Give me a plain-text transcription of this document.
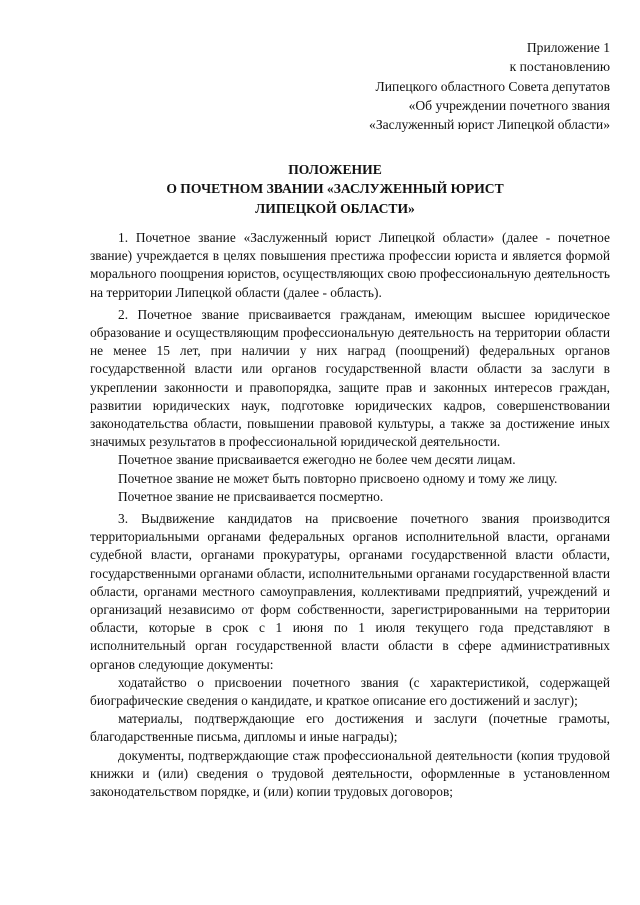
Приложение 1
к постановлению
Липецкого областного Совета депутатов
«Об учреждении почетного звания
«Заслуженный юрист Липецкой области»
ПОЛОЖЕНИЕ
О ПОЧЕТНОМ ЗВАНИИ «ЗАСЛУЖЕННЫЙ ЮРИСТ
ЛИПЕЦКОЙ ОБЛАСТИ»

1. Почетное звание «Заслуженный юрист Липецкой области» (далее - почетное звание) учреждается в целях повышения престижа профессии юриста и является формой морального поощрения юристов, осуществляющих свою профессиональную деятельность на территории Липецкой области (далее - область).

2. Почетное звание присваивается гражданам, имеющим высшее юридическое образование и осуществляющим профессиональную деятельность на территории области не менее 15 лет, при наличии у них наград (поощрений) федеральных органов государственной власти или органов государственной власти области за заслуги в укреплении законности и правопорядка, защите прав и законных интересов граждан, развитии юридических наук, подготовке юридических кадров, совершенствовании законодательства области, повышении правовой культуры, а также за достижение иных значимых результатов в профессиональной юридической деятельности.

Почетное звание присваивается ежегодно не более чем десяти лицам.

Почетное звание не может быть повторно присвоено одному и тому же лицу.

Почетное звание не присваивается посмертно.

3. Выдвижение кандидатов на присвоение почетного звания производится территориальными органами федеральных органов исполнительной власти, органами судебной власти, органами прокуратуры, органами государственной власти области, государственными органами области, исполнительными органами государственной власти области, органами местного самоуправления, коллективами предприятий, учреждений и организаций независимо от форм собственности, зарегистрированными на территории области, которые в срок с 1 июня по 1 июля текущего года представляют в исполнительный орган государственной власти области в сфере административных органов следующие документы:

ходатайство о присвоении почетного звания (с характеристикой, содержащей биографические сведения о кандидате, и краткое описание его достижений и заслуг);

материалы, подтверждающие его достижения и заслуги (почетные грамоты, благодарственные письма, дипломы и иные награды);

документы, подтверждающие стаж профессиональной деятельности (копия трудовой книжки и (или) сведения о трудовой деятельности, оформленные в установленном законодательством порядке, и (или) копии трудовых договоров;
